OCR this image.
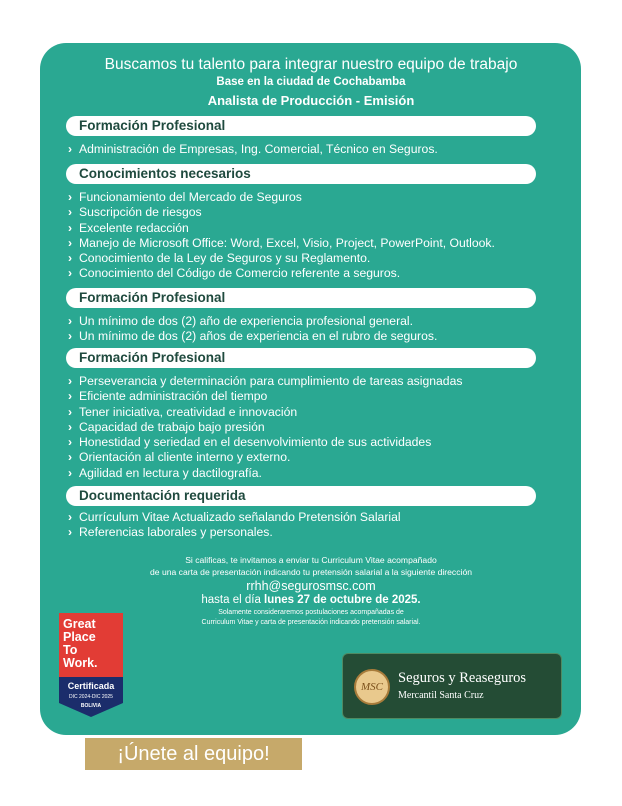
Buscamos tu talento para integrar nuestro equipo de trabajo
Base en la ciudad de Cochabamba
Analista de Producción - Emisión
Formación Profesional
› Administración de Empresas, Ing. Comercial, Técnico en Seguros.
Conocimientos necesarios
› Funcionamiento del Mercado de Seguros
› Suscripción de riesgos
› Excelente redacción
› Manejo de Microsoft Office: Word, Excel, Visio, Project, PowerPoint, Outlook.
› Conocimiento de la Ley de Seguros y su Reglamento.
› Conocimiento del Código de Comercio referente a seguros.
Formación Profesional
› Un mínimo de dos (2) año de experiencia profesional general.
› Un mínimo de dos (2) años de experiencia en el rubro de seguros.
Formación Profesional
› Perseverancia y determinación para cumplimiento de tareas asignadas
› Eficiente administración del tiempo
› Tener iniciativa, creatividad e innovación
› Capacidad de trabajo bajo presión
› Honestidad y seriedad en el desenvolvimiento de sus actividades
› Orientación al cliente interno y externo.
› Agilidad en lectura y dactilografía.
Documentación requerida
› Currículum Vitae Actualizado señalando Pretensión Salarial
› Referencias laborales y personales.
Si calificas, te invitamos a enviar tu Curriculum Vitae acompañado
de una carta de presentación indicando tu pretensión salarial a la siguiente dirección
rrhh@segurosmsc.com
hasta el día lunes 27 de octubre de 2025.
Solamente consideraremos postulaciones acompañadas de
Curriculum Vitae y carta de presentación indicando pretensión salarial.
Great
Place
To
Work.
Certificada
DIC 2024-DIC 2025
BOLIVIA
MSC
Seguros y Reaseguros
Mercantil Santa Cruz
¡Únete al equipo!
